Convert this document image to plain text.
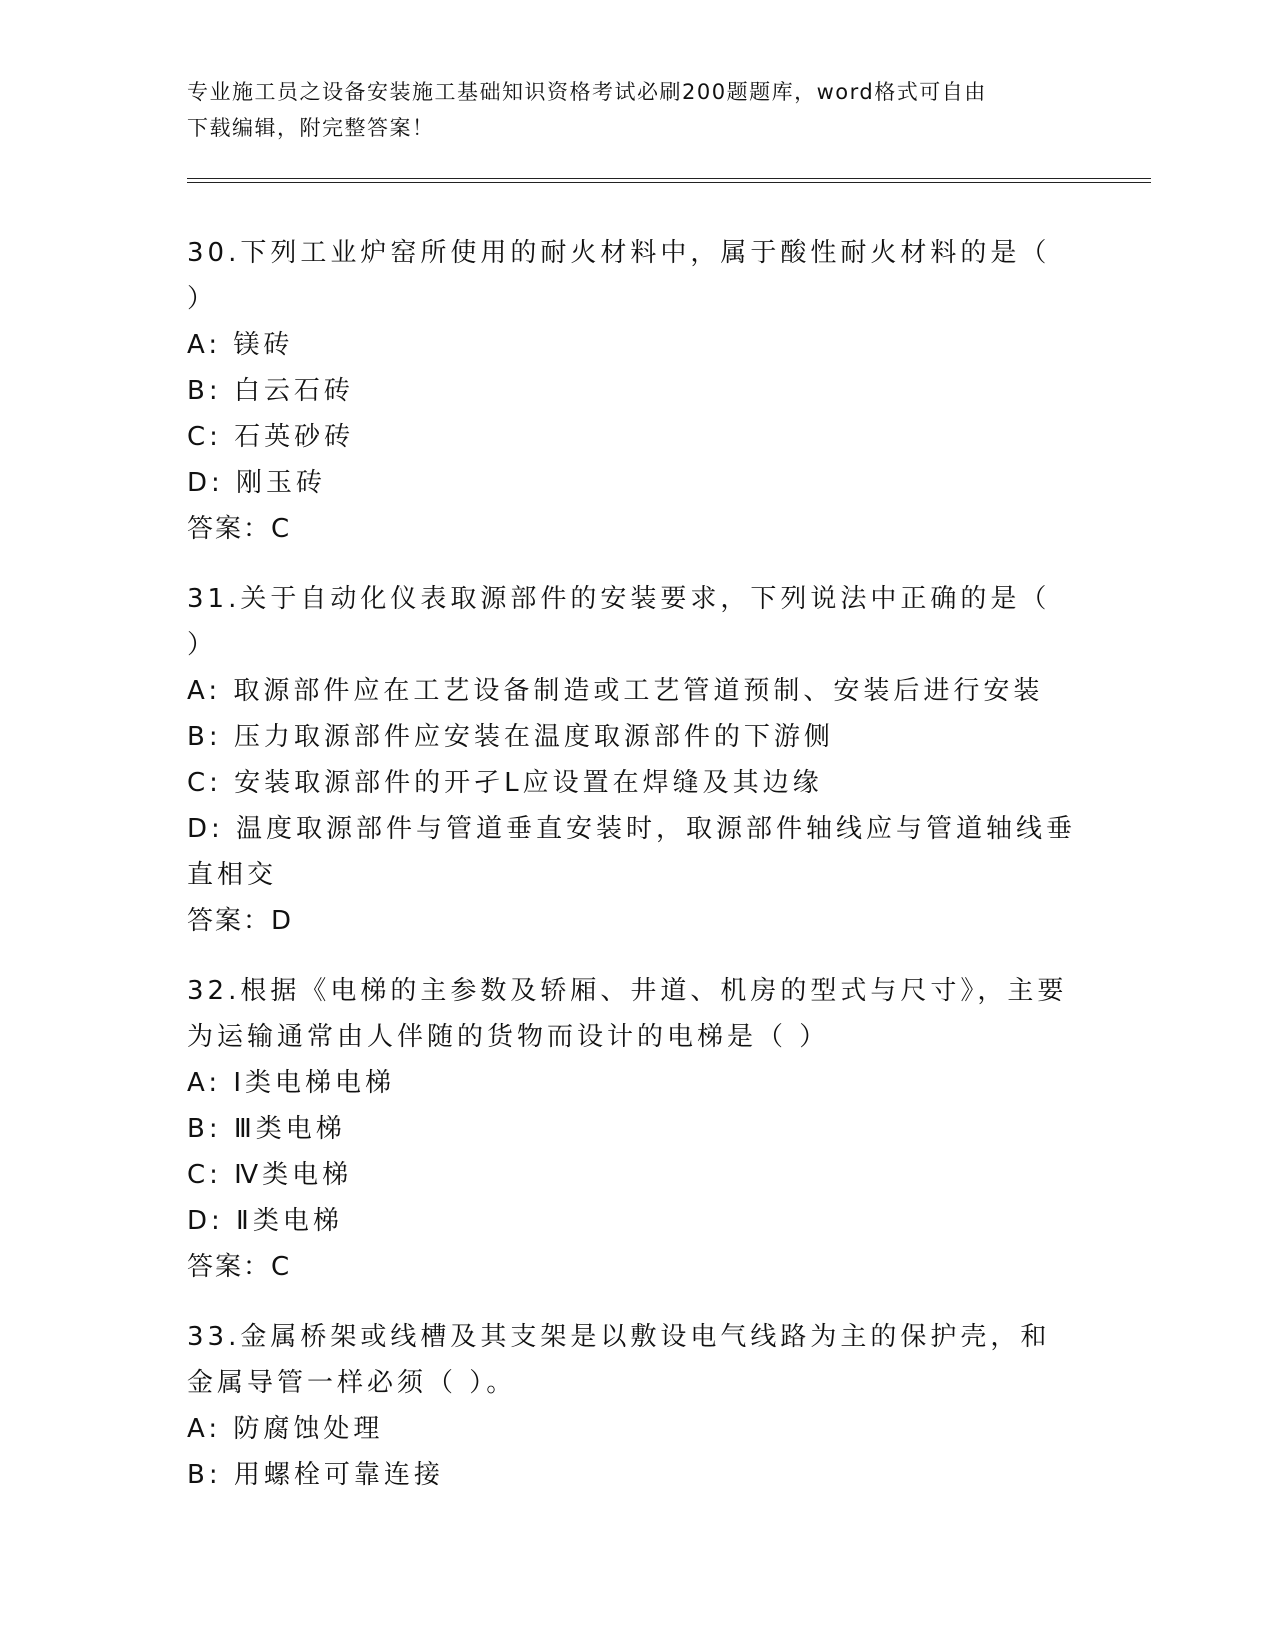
专业施工员之设备安装施工基础知识资格考试必刷200题题库，word格式可自由
下载编辑，附完整答案！
30.下列工业炉窑所使用的耐火材料中，属于酸性耐火材料的是（ ）
A: 镁砖
B: 白云石砖
C: 石英砂砖
D: 刚玉砖
答案：C
31.关于自动化仪表取源部件的安装要求，下列说法中正确的是（ ）
A: 取源部件应在工艺设备制造或工艺管道预制、安装后进行安装
B: 压力取源部件应安装在温度取源部件的下游侧
C: 安装取源部件的开孑L应设置在焊缝及其边缘
D: 温度取源部件与管道垂直安装时，取源部件轴线应与管道轴线垂直相交
答案：D
32.根据《电梯的主参数及轿厢、井道、机房的型式与尺寸》，主要为运输通常由人伴随的货物而设计的电梯是（ ）
A: Ⅰ类电梯电梯
B: Ⅲ类电梯
C: Ⅳ类电梯
D: Ⅱ类电梯
答案：C
33.金属桥架或线槽及其支架是以敷设电气线路为主的保护壳，和金属导管一样必须（ ）。
A: 防腐蚀处理
B: 用螺栓可靠连接
